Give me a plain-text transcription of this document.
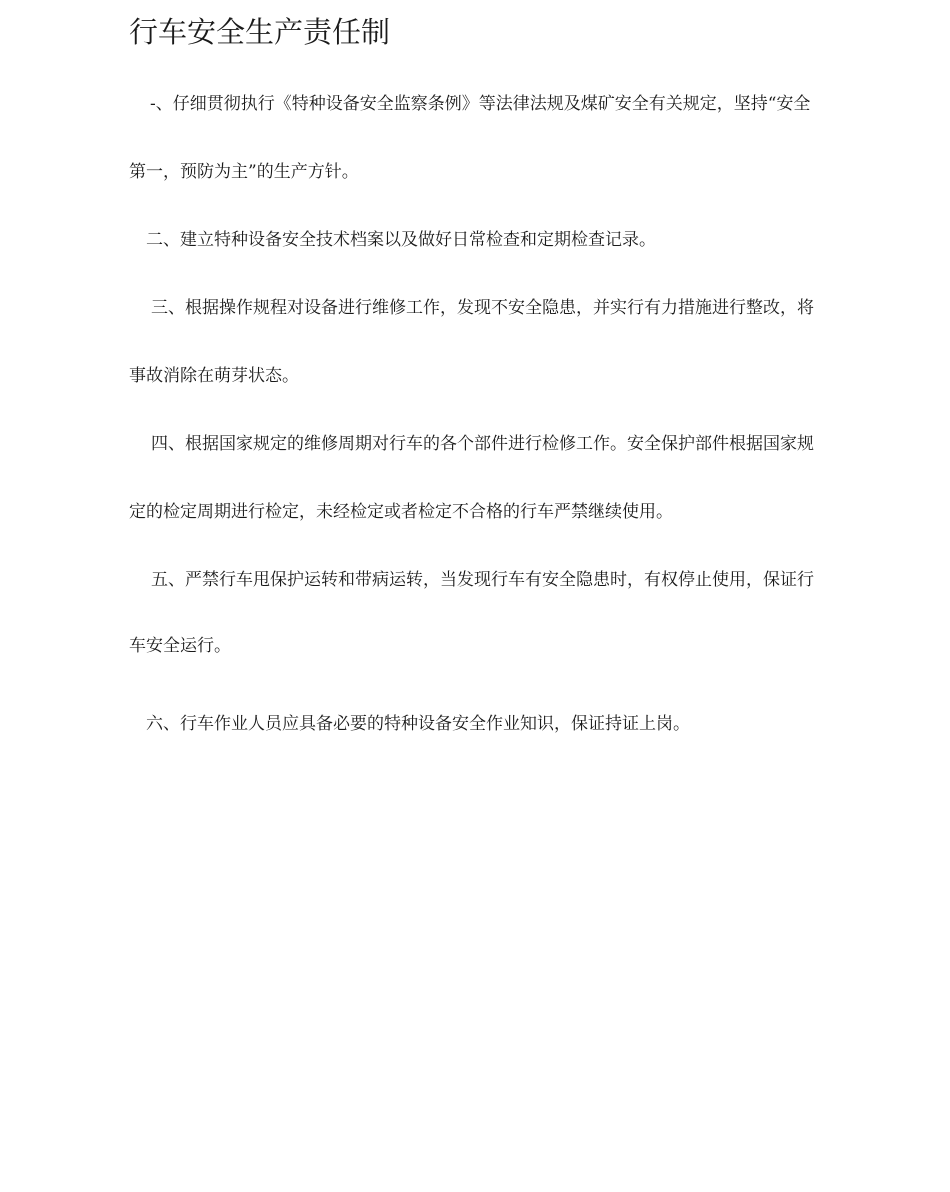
行车安全生产责任制
-、仔细贯彻执行《特种设备安全监察条例》等法律法规及煤矿安全有关规定，坚持“安全
第一，预防为主”的生产方针。
二、建立特种设备安全技术档案以及做好日常检查和定期检查记录。
三、根据操作规程对设备进行维修工作，发现不安全隐患，并实行有力措施进行整改，将
事故消除在萌芽状态。
四、根据国家规定的维修周期对行车的各个部件进行检修工作。安全保护部件根据国家规
定的检定周期进行检定，未经检定或者检定不合格的行车严禁继续使用。
五、严禁行车甩保护运转和带病运转，当发现行车有安全隐患时，有权停止使用，保证行
车安全运行。
六、行车作业人员应具备必要的特种设备安全作业知识，保证持证上岗。
